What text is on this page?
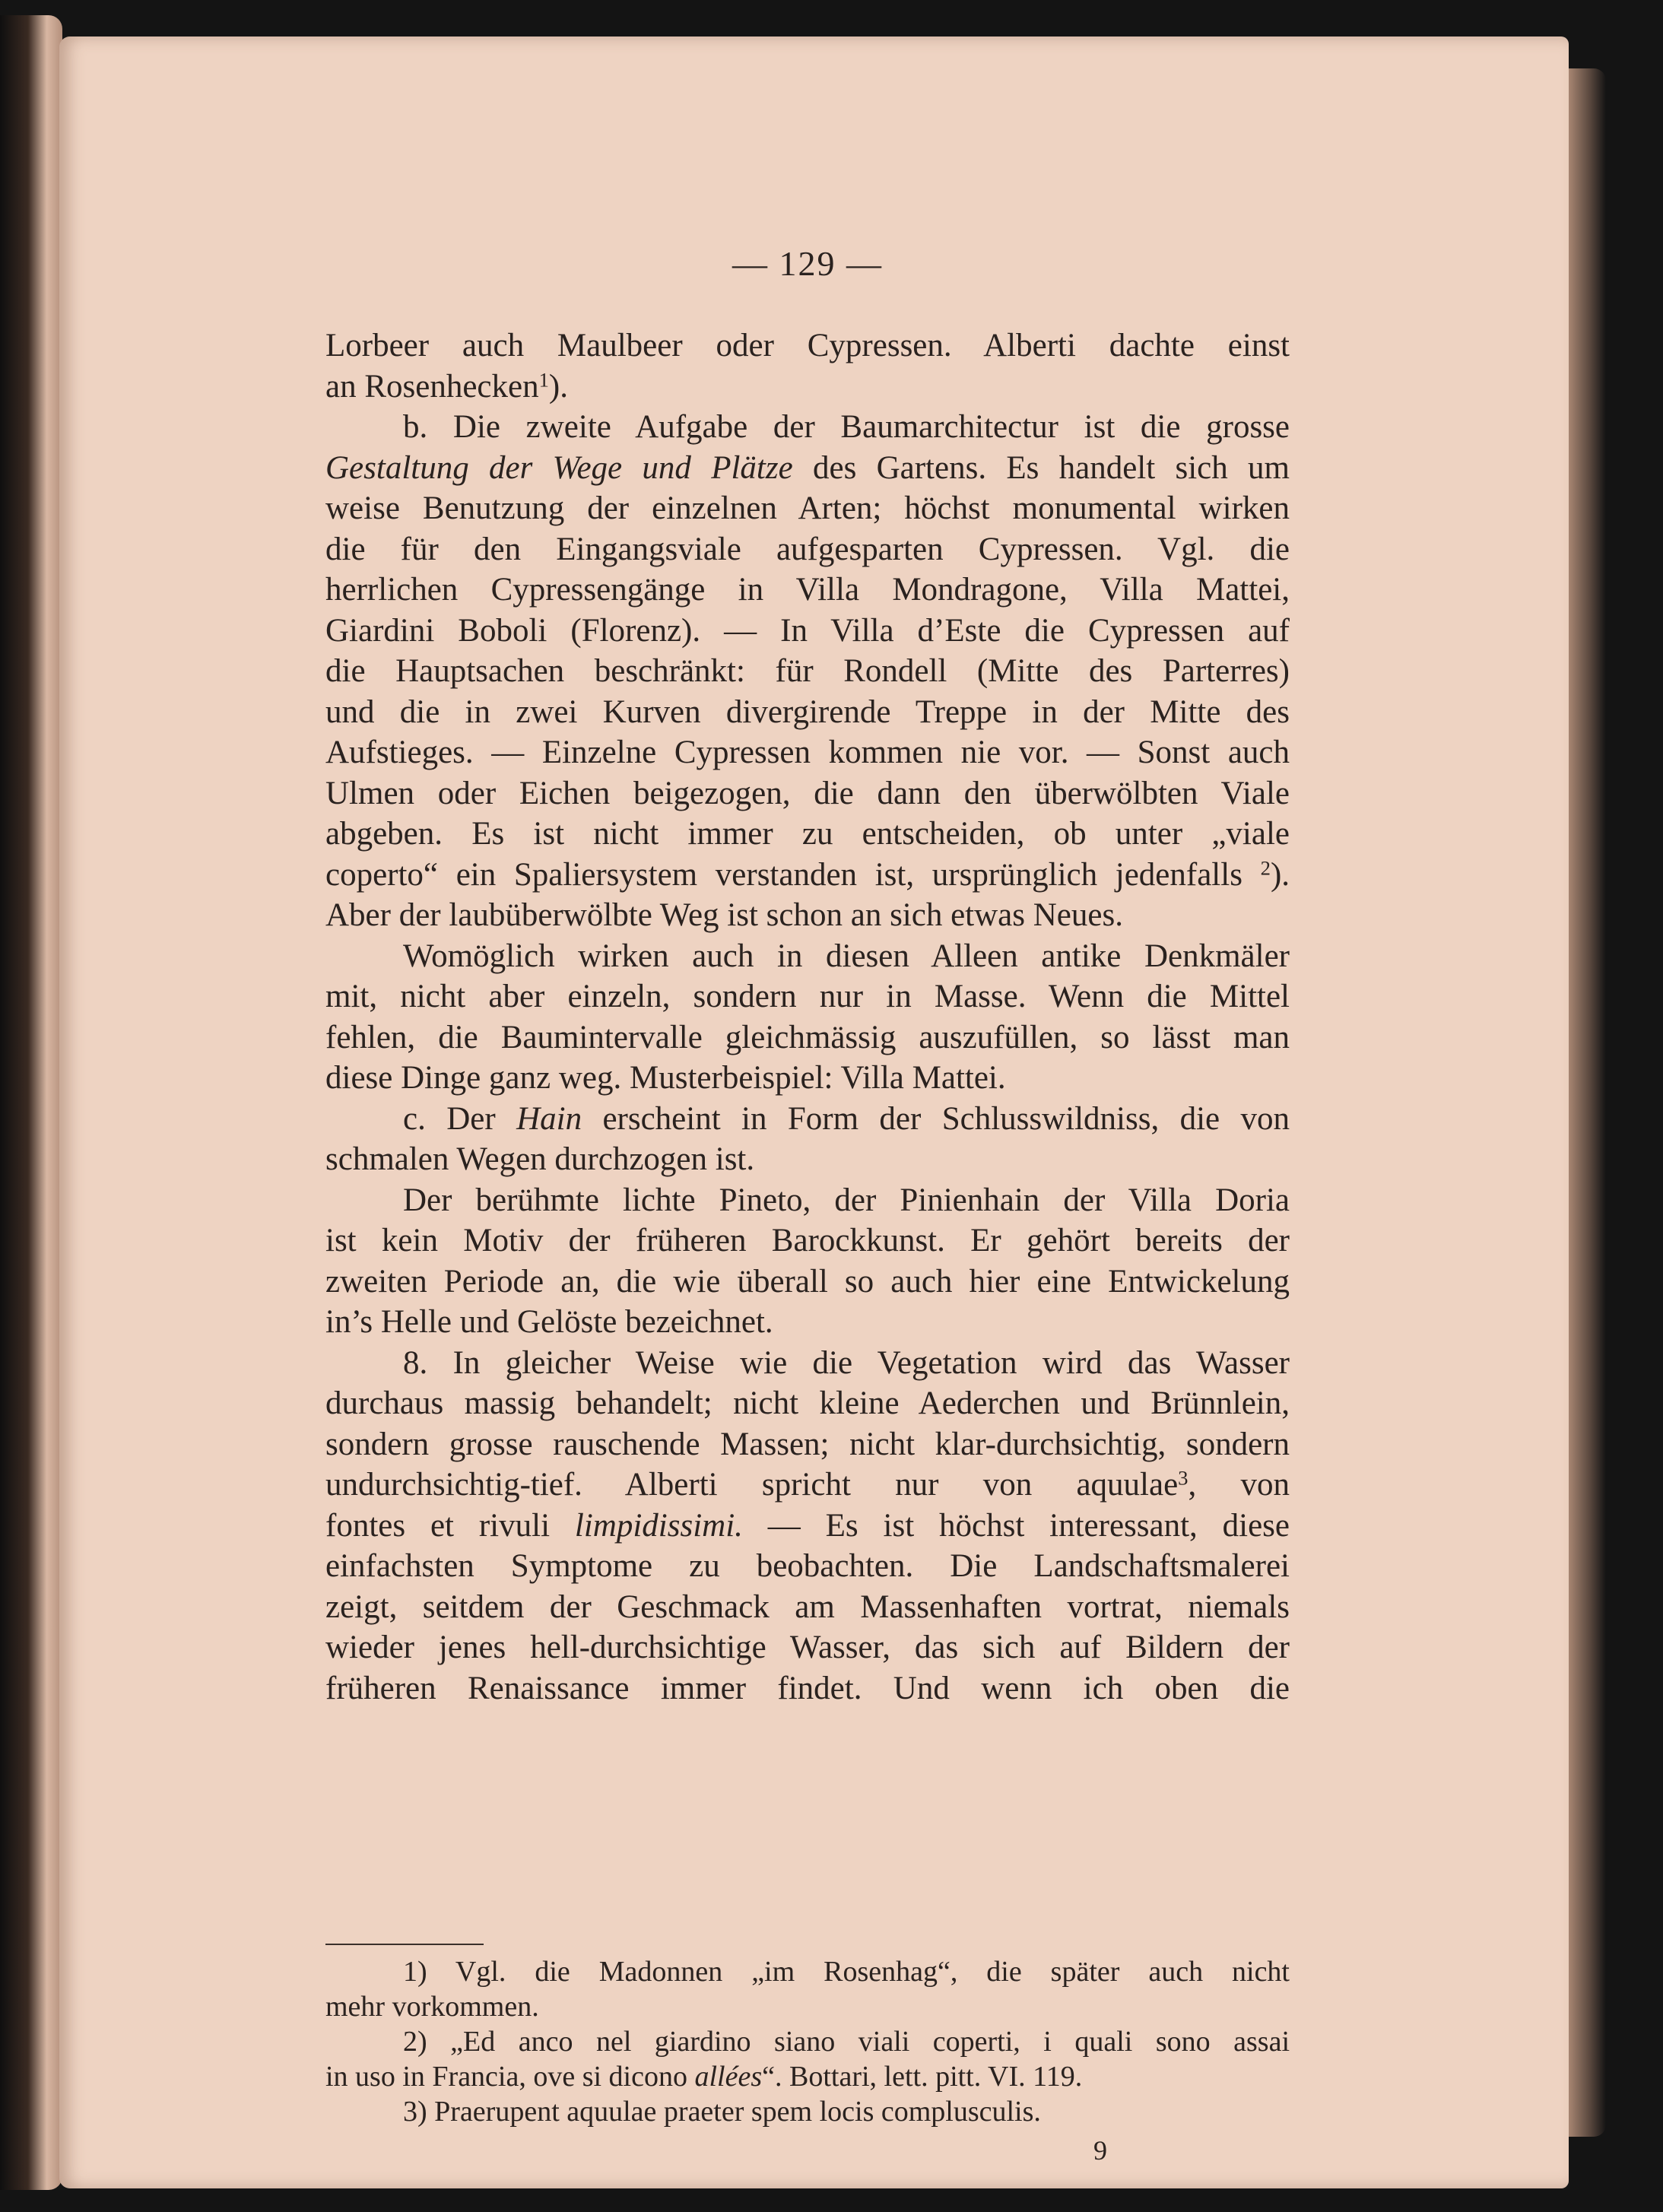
— 129 —
Lorbeer auch Maulbeer oder Cypressen. Alberti dachte einst
an Rosenhecken$^1$).
b. Die zweite Aufgabe der Baumarchitectur ist die grosse
Gestaltung der Wege und Plätze des Gartens. Es handelt sich um
weise Benutzung der einzelnen Arten; höchst monumental wirken
die für den Eingangsviale aufgesparten Cypressen. Vgl. die
herrlichen Cypressengänge in Villa Mondragone, Villa Mattei,
Giardini Boboli (Florenz). — In Villa d’Este die Cypressen auf
die Hauptsachen beschränkt: für Rondell (Mitte des Parterres)
und die in zwei Kurven divergirende Treppe in der Mitte des
Aufstieges. — Einzelne Cypressen kommen nie vor. — Sonst auch
Ulmen oder Eichen beigezogen, die dann den überwölbten Viale
abgeben. Es ist nicht immer zu entscheiden, ob unter „viale
coperto“ ein Spaliersystem verstanden ist, ursprünglich jedenfalls $^2$).
Aber der laubüberwölbte Weg ist schon an sich etwas Neues.
Womöglich wirken auch in diesen Alleen antike Denkmäler
mit, nicht aber einzeln, sondern nur in Masse. Wenn die Mittel
fehlen, die Baumintervalle gleichmässig auszufüllen, so lässt man
diese Dinge ganz weg. Musterbeispiel: Villa Mattei.
c. Der Hain erscheint in Form der Schlusswildniss, die von
schmalen Wegen durchzogen ist.
Der berühmte lichte Pineto, der Pinienhain der Villa Doria
ist kein Motiv der früheren Barockkunst. Er gehört bereits der
zweiten Periode an, die wie überall so auch hier eine Entwickelung
in’s Helle und Gelöste bezeichnet.
8. In gleicher Weise wie die Vegetation wird das Wasser
durchaus massig behandelt; nicht kleine Aederchen und Brünnlein,
sondern grosse rauschende Massen; nicht klar-durchsichtig, sondern
undurchsichtig-tief. Alberti spricht nur von aquulae$^3$, von
fontes et rivuli limpidissimi. — Es ist höchst interessant, diese
einfachsten Symptome zu beobachten. Die Landschaftsmalerei
zeigt, seitdem der Geschmack am Massenhaften vortrat, niemals
wieder jenes hell-durchsichtige Wasser, das sich auf Bildern der
früheren Renaissance immer findet. Und wenn ich oben die
1) Vgl. die Madonnen „im Rosenhag“, die später auch nicht
mehr vorkommen.
2) „Ed anco nel giardino siano viali coperti, i quali sono assai
in uso in Francia, ove si dicono allées“. Bottari, lett. pitt. VI. 119.
3) Praerupent aquulae praeter spem locis complusculis.
9
